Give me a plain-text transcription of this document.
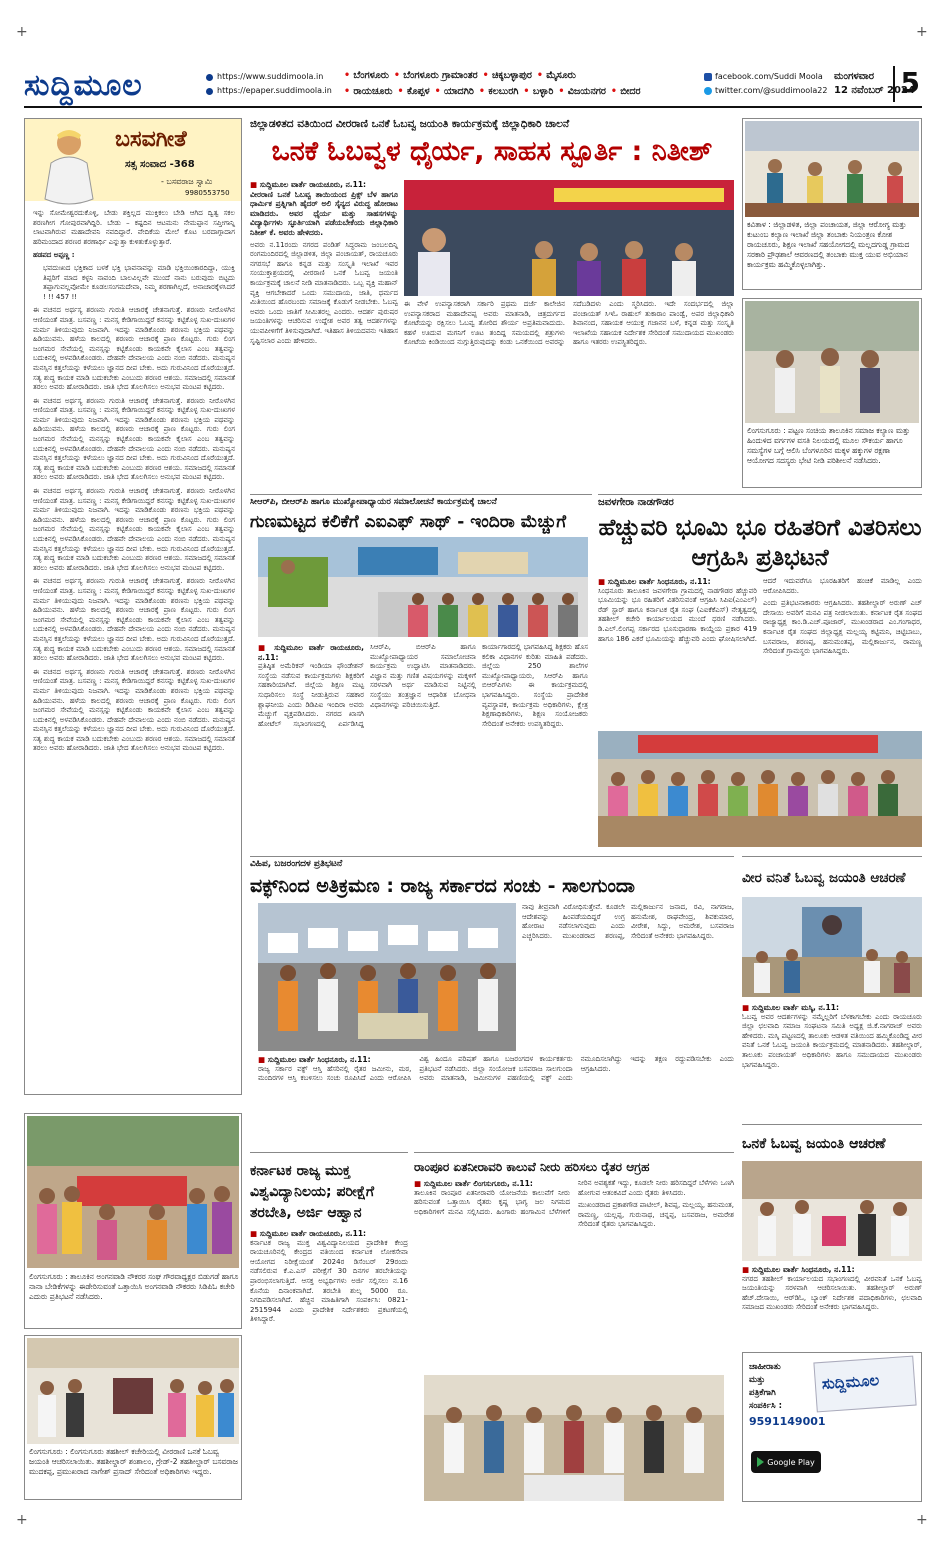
+	+
+	+
ಸುದ್ದಿಮೂಲ	https://www.suddimoola.in
https://epaper.suddimoola.in
• ಬೆಂಗಳೂರು	• ಬೆಂಗಳೂರು ಗ್ರಾಮಾಂತರ	• ಚಿಕ್ಕಬಳ್ಳಾಪುರ	• ಮೈಸೂರು
• ರಾಯಚೂರು	• ಕೊಪ್ಪಳ	• ಯಾದಗಿರಿ	• ಕಲಬುರಗಿ	• ಬಳ್ಳಾರಿ	• ವಿಜಯನಗರ	• ಬೀದರ
facebook.com/Suddi Moola
twitter.com/@suddimoola22
ಮಂಗಳವಾರ
12 ನವೆಂಬರ್ 2024
5
ಬಸವಗೀತೆ
ಸತ್ಸ ಸಂವಾದ -368
- ಬಸವರಾಜ ಸ್ವಾಮಿ
9980553750

ಇನ್ನು ಸೋಮೇಶ್ವರದುಕೊಳ್ಳಿ, ಬೇಡು ಶಕ್ತಿಲ್ಲದ ಮುಕ್ತಿಕಲು ಬೇಡಿ ಆಗಿದ ದ್ವಿತ್ವ ಸಕಲ ಶರಣಗೀಗ ಗೋಪುರವಾಗಿದ್ದಿರಿ. ಬೇಡು – ಕಷ್ಟದಿನ ಆಟಮನು ನೇಮಪ್ಪಾನ ಸಪ್ತೀಗಾನ್ನಿ ಲಾಟವಾಗಿರುವ ಮಹಾದೇವನಿ ನವದಿದ್ದಾರೆ. ವೇದಿಕೆಯ ಮೇಲೆ ಕೊಟ ಬರದಾಗ್ಗಾದಾಗ ಹರಿಮಂದಾದ ಶರಣರ ಶರಣಾರ್ಥಿ ಎನ್ನುತ್ತಾ ಕುಳಿತುಕೊಳ್ಳುತ್ತಾರೆ.

ಹಡಪದ ಅಪ್ಪಣ್ಣ :

ಭವದುಃಖದ ಭಕ್ತಿಕಾದ ಬಳಕೆ ಭಕ್ತಿ ಭಾವನಾವನ್ನು ಮಾಡಿ ಭಕ್ತಿಯಿಂಕಾರದಿದ್ದಾ, ಯುಕ್ತಿ ತಿಪ್ಪರಿಗೆ ಮಾದ ಕಳ್ಳನಿ ನಾವಂದಿ ಬಾಲವಿಲ್ಲವೇ ಮುಂದೆ ನಾನು ಬರುವುದು ಬಿಟ್ಟದು ತಪ್ಪಾಗುವಲ್ಲವೋಮೇ ಕೂಡಲಸಂಗಮದೇವಾ, ನಿಮ್ಮ ಶರಣಾಗಿಲ್ಲದೆ, ಅನಾಚಾರಕ್ಕೆಳಸಿದರೆ ! !! 457 !!

ಈ ವಚನದ ಅರ್ಥಸ್ಯ ಶರಣನು ಗುರುತಿ ಆಚಾರಕ್ಕೆ ಚೇತನಾಗುತ್ತೆ. ಶರಣರು ನೀರೊಳಗಿನ ಆಣಿಯಂತೆ ಮಾತ್ರ. ಬಸವಣ್ಣ : ಮನಸ್ಸ ಕೇಡಿಗಾಯಿದ್ದರೆ ಕನಸನ್ನು ಕಟ್ಟಿಕೊಳ್ಳ ಸುಖ-ದುಃಖಗಳ ಮರ್ಮ ತಿಳಿಯುವುದು ನಿಜವಾಗಿ. ಇದನ್ನು ಮಾಡಿಕೊಂಡು ಶರಣನು ಭಕ್ತಿಯ ಪಥವನ್ನು ಹಿಡಿಯುವನು. ಹಳೆಯ ಕಾಲದಲ್ಲಿ ಶರಣರು ಆಚಾರಕ್ಕೆ ಪ್ರಾಣ ಕೊಟ್ಟರು. ಗುರು ಲಿಂಗ ಜಂಗಮರ ಸೇವೆಯಲ್ಲಿ ಮನಸ್ಸನ್ನು ಕಟ್ಟಿಕೊಂಡು ಕಾಯಕವೇ ಕೈಲಾಸ ಎಂಬ ತತ್ವವನ್ನು ಬದುಕಿನಲ್ಲಿ ಅಳವಡಿಸಿಕೊಂಡರು. ದೇಹವೇ ದೇವಾಲಯ ಎಂದು ನಂಬಿ ನಡೆದರು. ಮನುಷ್ಯನ ಮನಸ್ಸಿನ ಕತ್ತಲೆಯನ್ನು ಕಳೆಯಲು ಜ್ಞಾನದ ದೀಪ ಬೇಕು. ಅದು ಗುರುವಿನಿಂದ ದೊರೆಯುತ್ತದೆ. ಸತ್ಯ ಶುದ್ಧ ಕಾಯಕ ಮಾಡಿ ಬದುಕಬೇಕು ಎಂಬುದು ಶರಣರ ಆಶಯ. ಸಮಾಜದಲ್ಲಿ ಸಮಾನತೆ ತರಲು ಅವರು ಹೋರಾಡಿದರು. ಜಾತಿ ಭೇದ ತೊಲಗಿಸಲು ಅನುಭವ ಮಂಟಪ ಕಟ್ಟಿದರು.

ಈ ವಚನದ ಅರ್ಥಸ್ಯ ಶರಣನು ಗುರುತಿ ಆಚಾರಕ್ಕೆ ಚೇತನಾಗುತ್ತೆ. ಶರಣರು ನೀರೊಳಗಿನ ಆಣಿಯಂತೆ ಮಾತ್ರ. ಬಸವಣ್ಣ : ಮನಸ್ಸ ಕೇಡಿಗಾಯಿದ್ದರೆ ಕನಸನ್ನು ಕಟ್ಟಿಕೊಳ್ಳ ಸುಖ-ದುಃಖಗಳ ಮರ್ಮ ತಿಳಿಯುವುದು ನಿಜವಾಗಿ. ಇದನ್ನು ಮಾಡಿಕೊಂಡು ಶರಣನು ಭಕ್ತಿಯ ಪಥವನ್ನು ಹಿಡಿಯುವನು. ಹಳೆಯ ಕಾಲದಲ್ಲಿ ಶರಣರು ಆಚಾರಕ್ಕೆ ಪ್ರಾಣ ಕೊಟ್ಟರು. ಗುರು ಲಿಂಗ ಜಂಗಮರ ಸೇವೆಯಲ್ಲಿ ಮನಸ್ಸನ್ನು ಕಟ್ಟಿಕೊಂಡು ಕಾಯಕವೇ ಕೈಲಾಸ ಎಂಬ ತತ್ವವನ್ನು ಬದುಕಿನಲ್ಲಿ ಅಳವಡಿಸಿಕೊಂಡರು. ದೇಹವೇ ದೇವಾಲಯ ಎಂದು ನಂಬಿ ನಡೆದರು. ಮನುಷ್ಯನ ಮನಸ್ಸಿನ ಕತ್ತಲೆಯನ್ನು ಕಳೆಯಲು ಜ್ಞಾನದ ದೀಪ ಬೇಕು. ಅದು ಗುರುವಿನಿಂದ ದೊರೆಯುತ್ತದೆ. ಸತ್ಯ ಶುದ್ಧ ಕಾಯಕ ಮಾಡಿ ಬದುಕಬೇಕು ಎಂಬುದು ಶರಣರ ಆಶಯ. ಸಮಾಜದಲ್ಲಿ ಸಮಾನತೆ ತರಲು ಅವರು ಹೋರಾಡಿದರು. ಜಾತಿ ಭೇದ ತೊಲಗಿಸಲು ಅನುಭವ ಮಂಟಪ ಕಟ್ಟಿದರು.

ಈ ವಚನದ ಅರ್ಥಸ್ಯ ಶರಣನು ಗುರುತಿ ಆಚಾರಕ್ಕೆ ಚೇತನಾಗುತ್ತೆ. ಶರಣರು ನೀರೊಳಗಿನ ಆಣಿಯಂತೆ ಮಾತ್ರ. ಬಸವಣ್ಣ : ಮನಸ್ಸ ಕೇಡಿಗಾಯಿದ್ದರೆ ಕನಸನ್ನು ಕಟ್ಟಿಕೊಳ್ಳ ಸುಖ-ದುಃಖಗಳ ಮರ್ಮ ತಿಳಿಯುವುದು ನಿಜವಾಗಿ. ಇದನ್ನು ಮಾಡಿಕೊಂಡು ಶರಣನು ಭಕ್ತಿಯ ಪಥವನ್ನು ಹಿಡಿಯುವನು. ಹಳೆಯ ಕಾಲದಲ್ಲಿ ಶರಣರು ಆಚಾರಕ್ಕೆ ಪ್ರಾಣ ಕೊಟ್ಟರು. ಗುರು ಲಿಂಗ ಜಂಗಮರ ಸೇವೆಯಲ್ಲಿ ಮನಸ್ಸನ್ನು ಕಟ್ಟಿಕೊಂಡು ಕಾಯಕವೇ ಕೈಲಾಸ ಎಂಬ ತತ್ವವನ್ನು ಬದುಕಿನಲ್ಲಿ ಅಳವಡಿಸಿಕೊಂಡರು. ದೇಹವೇ ದೇವಾಲಯ ಎಂದು ನಂಬಿ ನಡೆದರು. ಮನುಷ್ಯನ ಮನಸ್ಸಿನ ಕತ್ತಲೆಯನ್ನು ಕಳೆಯಲು ಜ್ಞಾನದ ದೀಪ ಬೇಕು. ಅದು ಗುರುವಿನಿಂದ ದೊರೆಯುತ್ತದೆ. ಸತ್ಯ ಶುದ್ಧ ಕಾಯಕ ಮಾಡಿ ಬದುಕಬೇಕು ಎಂಬುದು ಶರಣರ ಆಶಯ. ಸಮಾಜದಲ್ಲಿ ಸಮಾನತೆ ತರಲು ಅವರು ಹೋರಾಡಿದರು. ಜಾತಿ ಭೇದ ತೊಲಗಿಸಲು ಅನುಭವ ಮಂಟಪ ಕಟ್ಟಿದರು.

ಈ ವಚನದ ಅರ್ಥಸ್ಯ ಶರಣನು ಗುರುತಿ ಆಚಾರಕ್ಕೆ ಚೇತನಾಗುತ್ತೆ. ಶರಣರು ನೀರೊಳಗಿನ ಆಣಿಯಂತೆ ಮಾತ್ರ. ಬಸವಣ್ಣ : ಮನಸ್ಸ ಕೇಡಿಗಾಯಿದ್ದರೆ ಕನಸನ್ನು ಕಟ್ಟಿಕೊಳ್ಳ ಸುಖ-ದುಃಖಗಳ ಮರ್ಮ ತಿಳಿಯುವುದು ನಿಜವಾಗಿ. ಇದನ್ನು ಮಾಡಿಕೊಂಡು ಶರಣನು ಭಕ್ತಿಯ ಪಥವನ್ನು ಹಿಡಿಯುವನು. ಹಳೆಯ ಕಾಲದಲ್ಲಿ ಶರಣರು ಆಚಾರಕ್ಕೆ ಪ್ರಾಣ ಕೊಟ್ಟರು. ಗುರು ಲಿಂಗ ಜಂಗಮರ ಸೇವೆಯಲ್ಲಿ ಮನಸ್ಸನ್ನು ಕಟ್ಟಿಕೊಂಡು ಕಾಯಕವೇ ಕೈಲಾಸ ಎಂಬ ತತ್ವವನ್ನು ಬದುಕಿನಲ್ಲಿ ಅಳವಡಿಸಿಕೊಂಡರು. ದೇಹವೇ ದೇವಾಲಯ ಎಂದು ನಂಬಿ ನಡೆದರು. ಮನುಷ್ಯನ ಮನಸ್ಸಿನ ಕತ್ತಲೆಯನ್ನು ಕಳೆಯಲು ಜ್ಞಾನದ ದೀಪ ಬೇಕು. ಅದು ಗುರುವಿನಿಂದ ದೊರೆಯುತ್ತದೆ. ಸತ್ಯ ಶುದ್ಧ ಕಾಯಕ ಮಾಡಿ ಬದುಕಬೇಕು ಎಂಬುದು ಶರಣರ ಆಶಯ. ಸಮಾಜದಲ್ಲಿ ಸಮಾನತೆ ತರಲು ಅವರು ಹೋರಾಡಿದರು. ಜಾತಿ ಭೇದ ತೊಲಗಿಸಲು ಅನುಭವ ಮಂಟಪ ಕಟ್ಟಿದರು.

ಈ ವಚನದ ಅರ್ಥಸ್ಯ ಶರಣನು ಗುರುತಿ ಆಚಾರಕ್ಕೆ ಚೇತನಾಗುತ್ತೆ. ಶರಣರು ನೀರೊಳಗಿನ ಆಣಿಯಂತೆ ಮಾತ್ರ. ಬಸವಣ್ಣ : ಮನಸ್ಸ ಕೇಡಿಗಾಯಿದ್ದರೆ ಕನಸನ್ನು ಕಟ್ಟಿಕೊಳ್ಳ ಸುಖ-ದುಃಖಗಳ ಮರ್ಮ ತಿಳಿಯುವುದು ನಿಜವಾಗಿ. ಇದನ್ನು ಮಾಡಿಕೊಂಡು ಶರಣನು ಭಕ್ತಿಯ ಪಥವನ್ನು ಹಿಡಿಯುವನು. ಹಳೆಯ ಕಾಲದಲ್ಲಿ ಶರಣರು ಆಚಾರಕ್ಕೆ ಪ್ರಾಣ ಕೊಟ್ಟರು. ಗುರು ಲಿಂಗ ಜಂಗಮರ ಸೇವೆಯಲ್ಲಿ ಮನಸ್ಸನ್ನು ಕಟ್ಟಿಕೊಂಡು ಕಾಯಕವೇ ಕೈಲಾಸ ಎಂಬ ತತ್ವವನ್ನು ಬದುಕಿನಲ್ಲಿ ಅಳವಡಿಸಿಕೊಂಡರು. ದೇಹವೇ ದೇವಾಲಯ ಎಂದು ನಂಬಿ ನಡೆದರು. ಮನುಷ್ಯನ ಮನಸ್ಸಿನ ಕತ್ತಲೆಯನ್ನು ಕಳೆಯಲು ಜ್ಞಾನದ ದೀಪ ಬೇಕು. ಅದು ಗುರುವಿನಿಂದ ದೊರೆಯುತ್ತದೆ. ಸತ್ಯ ಶುದ್ಧ ಕಾಯಕ ಮಾಡಿ ಬದುಕಬೇಕು ಎಂಬುದು ಶರಣರ ಆಶಯ. ಸಮಾಜದಲ್ಲಿ ಸಮಾನತೆ ತರಲು ಅವರು ಹೋರಾಡಿದರು. ಜಾತಿ ಭೇದ ತೊಲಗಿಸಲು ಅನುಭವ ಮಂಟಪ ಕಟ್ಟಿದರು.

ಜಿಲ್ಲಾಡಳಿತದ ವತಿಯಿಂದ ವೀರರಾಣಿ ಒನಕೆ ಓಬವ್ವ ಜಯಂತಿ ಕಾರ್ಯಕ್ರಮಕ್ಕೆ ಜಿಲ್ಲಾಧಿಕಾರಿ ಚಾಲನೆ
ಒನಕೆ ಓಬವ್ವಳ ಧೈರ್ಯ, ಸಾಹಸ ಸ್ಪೂರ್ತಿ : ನಿತೀಶ್
■ ಸುದ್ದಿಮೂಲ ವಾರ್ತೆ ರಾಯಚೂರು, ನ.11:

ವೀರರಾಣಿ ಒನಕೆ ಓಬವ್ವ ತಾಯಿಯಂದ ಪ್ರಿಕ್ಸ್ ಬೆಳ ಹಾಗೂ ಧಾರ್ಮಿಕ ಪ್ರತ್ನಿಗಾಗಿ ಹೈದರ್ ಅಲಿ ಸೈನ್ಯದ ವಿರುದ್ಧ ಹೋರಾಟ ಮಾಡಿದರು. ಅವರ ಧೈರ್ಯ ಮತ್ತು ಸಾಹಸಗಳನ್ನು ವಿದ್ಯಾರ್ಥಿಗಳು ಸ್ಫೂರ್ತಿಯಾಗಿ ಪಡೆಯಬೇಕೆಂದು ಜಿಲ್ಲಾಧಿಕಾರಿ ನಿತೀಶ್ ಕೆ. ಅವರು ಹೇಳಿದರು.

ಅವರು ನ.11ರಂದು ನಗರದ ಪಂಡಿತ್ ಸಿದ್ಧರಾಮ ಜಂಬಲದಿನ್ನಿ ರಂಗಮಂದಿರದಲ್ಲಿ ಜಿಲ್ಲಾಡಳಿತ, ಜಿಲ್ಲಾ ಪಂಚಾಯತ್, ರಾಯಚೂರು ನಗರಸಭೆ ಹಾಗೂ ಕನ್ನಡ ಮತ್ತು ಸಂಸ್ಕೃತಿ ಇಲಾಖೆ ಇವರ ಸಂಯುಕ್ತಾಶ್ರಯದಲ್ಲಿ ವೀರರಾಣಿ ಒನಕೆ ಓಬವ್ವ ಜಯಂತಿ ಕಾರ್ಯಕ್ರಮಕ್ಕೆ ಚಾಲನೆ ನೀಡಿ ಮಾತನಾಡಿದರು. ಒಬ್ಬ ವ್ಯಕ್ತಿ ಮಹಾನ್ ವ್ಯಕ್ತಿ ಆಗಬೇಕಾದರೆ ಒಂದು ಸಮುದಾಯ, ಜಾತಿ, ಧರ್ಮದ ಮಿತಿಯಿಂದ ಹೊರಬಂದು ಸಮಾಜಕ್ಕೆ ಕೊಡುಗೆ ನೀಡಬೇಕು. ಓಬವ್ವ ಅವರು ಒಂದು ಜಾತಿಗೆ ಸೀಮಿತರಲ್ಲ ಎಂದರು. ಆದರ್ಶ ಪುರುಷರ ಜಯಂತಿಗಳನ್ನು ಆಚರಿಸುವ ಉದ್ದೇಶ ಅವರ ತತ್ವ ಆದರ್ಶಗಳನ್ನು ಯುವಪೀಳಿಗೆಗೆ ತಿಳಿಸುವುದಾಗಿದೆ. ಇತಿಹಾಸ ತಿಳಿಯದವನು ಇತಿಹಾಸ ಸೃಷ್ಟಿಸಲಾರ ಎಂದು ಹೇಳಿದರು.

ಈ ವೇಳೆ ಉಪನ್ಯಾಸಕರಾಗಿ ಸರ್ಕಾರಿ ಪ್ರಥಮ ದರ್ಜೆ ಕಾಲೇಜಿನ ಉಪನ್ಯಾಸಕರಾದ ಮಹಾದೇವಪ್ಪ ಅವರು ಮಾತನಾಡಿ, ಚಿತ್ರದುರ್ಗದ ಕೋಟೆಯನ್ನು ರಕ್ಷಿಸಲು ಓಬವ್ವ ತೋರಿದ ಶೌರ್ಯ ಅಪ್ರತಿಮವಾದುದು. ಕಹಳೆ ಊದುವ ಮಗನಿಗೆ ಊಟ ತಂದಿದ್ದ ಸಮಯದಲ್ಲಿ ಶತ್ರುಗಳು ಕೋಟೆಯ ಕಿಂಡಿಯಿಂದ ನುಗ್ಗುತ್ತಿರುವುದನ್ನು ಕಂಡು ಒನಕೆಯಿಂದ ಅವರನ್ನು ಸದೆಬಡಿದಳು ಎಂದು ಸ್ಮರಿಸಿದರು. ಇದೇ ಸಂದರ್ಭದಲ್ಲಿ ಜಿಲ್ಲಾ ಪಂಚಾಯತ್ ಸಿಇಓ ರಾಹುಲ್ ತುಕಾರಾಂ ಪಾಂಡ್ವೆ, ಅಪರ ಜಿಲ್ಲಾಧಿಕಾರಿ ಶಿವಾನಂದ, ಸಹಾಯಕ ಆಯುಕ್ತ ಗಜಾನನ ಬಳೆ, ಕನ್ನಡ ಮತ್ತು ಸಂಸ್ಕೃತಿ ಇಲಾಖೆಯ ಸಹಾಯಕ ನಿರ್ದೇಶಕ ಸೇರಿದಂತೆ ಸಮುದಾಯದ ಮುಖಂಡರು ಹಾಗೂ ಇತರರು ಉಪಸ್ಥಿತರಿದ್ದರು.

ಕವಿತಾಳ : ಜಿಲ್ಲಾಡಳಿತ, ಜಿಲ್ಲಾ ಪಂಚಾಯತ, ಜಿಲ್ಲಾ ಆರೋಗ್ಯ ಮತ್ತು ಕುಟುಂಬ ಕಲ್ಯಾಣ ಇಲಾಖೆ ಜಿಲ್ಲಾ ತಂಬಾಕು ನಿಯಂತ್ರಣ ಕೋಶ ರಾಯಚೂರು, ಶಿಕ್ಷಣ ಇಲಾಖೆ ಸಹಯೋಗದಲ್ಲಿ ಮಲ್ಲದಗುಡ್ಡ ಗ್ರಾಮದ ಸರಕಾರಿ ಪ್ರೌಢಶಾಲೆ ಆವರಣದಲ್ಲಿ ತಂಬಾಕು ಮುಕ್ತ ಯುವ ಅಭಿಯಾನ ಕಾರ್ಯಕ್ರಮ ಹಮ್ಮಿಕೊಳ್ಳಲಾಗಿತ್ತು.
ಲಿಂಗಸುಗೂರು : ಪಟ್ಟಣ ಸಂಚಿಯ ತಾಲೂಕಿನ ಸಮಾಜ ಕಲ್ಯಾಣ ಮತ್ತು ಹಿಂದುಳಿದ ವರ್ಗಗಳ ವಸತಿ ನಿಲಯದಲ್ಲಿ ಮೂಲ ಸೌಕರ್ಯ ಹಾಗೂ ಸಮಸ್ಯೆಗಳ ಬಗ್ಗೆ ಆಲಿಸಿ ಬೆಂಗಳೂರಿನ ಮಕ್ಕಳ ಹಕ್ಕುಗಳ ರಕ್ಷಣಾ ಆಯೋಗದ ಸದಸ್ಯರು ಭೇಟಿ ನೀಡಿ ಪರಿಶೀಲನೆ ನಡೆಸಿದರು.
ಸೀಆರ್‌ಪಿ, ಬೀಆರ್‌ಪಿ ಹಾಗೂ ಮುಖ್ಯೋಪಾಧ್ಯಾಯರ ಸಮಾಲೋಚನೆ ಕಾರ್ಯಕ್ರಮಕ್ಕೆ ಚಾಲನೆ
ಗುಣಮಟ್ಟದ ಕಲಿಕೆಗೆ ಎಐಎಫ್ ಸಾಥ್ - ಇಂದಿರಾ ಮೆಚ್ಚುಗೆ
■ ಸುದ್ದಿಮೂಲ ವಾರ್ತೆ ರಾಯಚೂರು, ನ.11:

ಪ್ರತಿಷ್ಠಿತ ಅಮೆರಿಕನ್ ಇಂಡಿಯಾ ಫೌಂಡೇಶನ್ ಸಂಸ್ಥೆಯ ನಡೆಸುವ ಕಾರ್ಯಕ್ರಮಗಳು ಶಿಕ್ಷಕರಿಗೆ ಸಹಕಾರಿಯಾಗಿವೆ. ಜಿಲ್ಲೆಯ ಶಿಕ್ಷಣ ಮಟ್ಟ ಸುಧಾರಿಸಲು ಸಂಸ್ಥೆ ನೀಡುತ್ತಿರುವ ಸಹಕಾರ ಶ್ಲಾಘನೀಯ ಎಂದು ಡಿಡಿಪಿಐ ಇಂದಿರಾ ಅವರು ಮೆಚ್ಚುಗೆ ವ್ಯಕ್ತಪಡಿಸಿದರು. ನಗರದ ಖಾಸಗಿ ಹೋಟೆಲ್ ಸಭಾಂಗಣದಲ್ಲಿ ಏರ್ಪಡಿಸಿದ್ದ ಸಿಆರ್‌ಪಿ, ಬಿಆರ್‌ಪಿ ಹಾಗೂ ಮುಖ್ಯೋಪಾಧ್ಯಾಯರ ಸಮಾಲೋಚನಾ ಕಾರ್ಯಕ್ರಮ ಉದ್ಘಾಟಿಸಿ ಮಾತನಾಡಿದರು. ವಿಜ್ಞಾನ ಮತ್ತು ಗಣಿತ ವಿಷಯಗಳನ್ನು ಮಕ್ಕಳಿಗೆ ಸರಳವಾಗಿ ಅರ್ಥ ಮಾಡಿಸುವ ನಿಟ್ಟಿನಲ್ಲಿ ಸಂಸ್ಥೆಯು ತಂತ್ರಜ್ಞಾನ ಆಧಾರಿತ ಬೋಧನಾ ವಿಧಾನಗಳನ್ನು ಪರಿಚಯಿಸುತ್ತಿದೆ.

ಕಾರ್ಯಾಗಾರದಲ್ಲಿ ಭಾಗವಹಿಸಿದ್ದ ಶಿಕ್ಷಕರು ಹೊಸ ಕಲಿಕಾ ವಿಧಾನಗಳ ಕುರಿತು ಮಾಹಿತಿ ಪಡೆದರು. ಜಿಲ್ಲೆಯ 250 ಶಾಲೆಗಳ ಮುಖ್ಯೋಪಾಧ್ಯಾಯರು, ಸಿಆರ್‌ಪಿ ಹಾಗೂ ಬಿಆರ್‌ಪಿಗಳು ಈ ಕಾರ್ಯಕ್ರಮದಲ್ಲಿ ಭಾಗವಹಿಸಿದ್ದರು. ಸಂಸ್ಥೆಯ ಪ್ರಾದೇಶಿಕ ವ್ಯವಸ್ಥಾಪಕ, ಕಾರ್ಯಕ್ರಮ ಅಧಿಕಾರಿಗಳು, ಕ್ಷೇತ್ರ ಶಿಕ್ಷಣಾಧಿಕಾರಿಗಳು, ಶಿಕ್ಷಣ ಸಂಯೋಜಕರು ಸೇರಿದಂತೆ ಅನೇಕರು ಉಪಸ್ಥಿತರಿದ್ದರು.

ಜವಳಗೇರಾ ನಾಡಗೌಡರ
ಹೆಚ್ಚುವರಿ ಭೂಮಿ ಭೂ ರಹಿತರಿಗೆ ವಿತರಿಸಲು ಆಗ್ರಹಿಸಿ ಪ್ರತಿಭಟನೆ
■ ಸುದ್ದಿಮೂಲ ವಾರ್ತೆ ಸಿಂಧನೂರು, ನ.11:

ಸಿಂಧನೂರು ತಾಲೂಕಿನ ಜವಳಗೇರಾ ಗ್ರಾಮದಲ್ಲಿ ನಾಡಗೌಡರ ಹೆಚ್ಚುವರಿ ಭೂಮಿಯನ್ನು ಭೂ ರಹಿತರಿಗೆ ವಿತರಿಸುವಂತೆ ಆಗ್ರಹಿಸಿ ಸಿಪಿಐ(ಎಂಎಲ್) ರೆಡ್ ಸ್ಟಾರ್ ಹಾಗೂ ಕರ್ನಾಟಕ ರೈತ ಸಂಘ (ಎಐಕೆಕೆಎಸ್) ನೇತೃತ್ವದಲ್ಲಿ ತಹಶೀಲ್ ಕಚೇರಿ ಕಾರ್ಯಾಲಯದ ಮುಂದೆ ಧರಣಿ ನಡೆಸಿದರು. ಡಿ.ಎಲ್.ಲಿಂಗಪ್ಪ ಸರ್ಕಾರದ ಭೂಸುಧಾರಣಾ ಕಾಯ್ದೆಯ ಪ್ರಕಾರ 419 ಹಾಗೂ 186 ಎಕರೆ ಭೂಮಿಯನ್ನು ಹೆಚ್ಚುವರಿ ಎಂದು ಘೋಷಿಸಲಾಗಿದೆ. ಆದರೆ ಇದುವರೆಗೂ ಭೂರಹಿತರಿಗೆ ಹಂಚಿಕೆ ಮಾಡಿಲ್ಲ ಎಂದು ಆರೋಪಿಸಿದರು.

ಎಂದು ಪ್ರತಿಭಟನಾಕಾರರು ಆಗ್ರಹಿಸಿದರು. ತಹಶೀಲ್ದಾರ್ ಅರುಣ್ ಎಚ್ ದೇಸಾಯಿ ಅವರಿಗೆ ಮನವಿ ಪತ್ರ ನೀಡಲಾಯಿತು. ಕರ್ನಾಟಕ ರೈತ ಸಂಘದ ರಾಜ್ಯಾಧ್ಯಕ್ಷ ಕಾಂ.ಡಿ.ಎಚ್.ಪೂಜಾರ್, ಮುಖಂಡರಾದ ಎಂ.ಗಂಗಾಧರ, ಕರ್ನಾಟಕ ರೈತ ಸಂಘದ ಜಿಲ್ಲಾಧ್ಯಕ್ಷ ಮಲ್ಲಯ್ಯ ಕಟ್ಟಿಮನಿ, ಚಿಟ್ಟಿಬಾಬು, ಬಸವರಾಜ, ಶರಣಪ್ಪ, ಹನುಮಂತಪ್ಪ, ಮಲ್ಲಿಕಾರ್ಜುನ, ರಾಮಣ್ಣ ಸೇರಿದಂತೆ ಗ್ರಾಮಸ್ಥರು ಭಾಗವಹಿಸಿದ್ದರು.

ವಿಹಿಪ, ಬಜರಂಗದಳ ಪ್ರತಿಭಟನೆ
ವಕ್ಫ್‌ನಿಂದ ಅತಿಕ್ರಮಣ : ರಾಜ್ಯ ಸರ್ಕಾರದ ಸಂಚು - ಸಾಲಗುಂದಾ

ನಾವು ತೀವ್ರವಾಗಿ ವಿರೋಧಿಸುತ್ತೇವೆ. ಕೂಡಲೇ ಆದೇಶವನ್ನು ಹಿಂಪಡೆಯದಿದ್ದರೆ ಉಗ್ರ ಹೋರಾಟ ನಡೆಸಲಾಗುವುದು ಎಂದು ಎಚ್ಚರಿಸಿದರು. ಮುಖಂಡರಾದ ಶರಣಪ್ಪ, ಮಲ್ಲಿಕಾರ್ಜುನ ಜನಾದ, ರವಿ, ನಾಗರಾಜ, ಹನುಮೇಶ, ರಾಘವೇಂದ್ರ, ಶಿವಕುಮಾರ, ವೀರೇಶ, ಸಿದ್ದು, ಅಮರೇಶ, ಬಸವರಾಜ ಸೇರಿದಂತೆ ಅನೇಕರು ಭಾಗವಹಿಸಿದ್ದರು.

■ ಸುದ್ದಿಮೂಲ ವಾರ್ತೆ ಸಿಂಧನೂರು, ನ.11:

ರಾಜ್ಯ ಸರ್ಕಾರ ವಕ್ಫ್ ಆಸ್ತಿ ಹೆಸರಿನಲ್ಲಿ ರೈತರ ಜಮೀನು, ಮಠ, ಮಂದಿರಗಳ ಆಸ್ತಿ ಕಬಳಿಸಲು ಸಂಚು ರೂಪಿಸಿದೆ ಎಂದು ಆರೋಪಿಸಿ ವಿಶ್ವ ಹಿಂದೂ ಪರಿಷತ್ ಹಾಗೂ ಬಜರಂಗದಳ ಕಾರ್ಯಕರ್ತರು ಪ್ರತಿಭಟನೆ ನಡೆಸಿದರು. ಜಿಲ್ಲಾ ಸಂಯೋಜಕ ಬಸವರಾಜ ಸಾಲಗುಂದಾ ಅವರು ಮಾತನಾಡಿ, ಜಮೀನುಗಳ ಪಹಣಿಯಲ್ಲಿ ವಕ್ಫ್ ಎಂದು ನಮೂದಿಸಲಾಗಿದ್ದು ಇದನ್ನು ತಕ್ಷಣ ರದ್ದುಪಡಿಸಬೇಕು ಎಂದು ಆಗ್ರಹಿಸಿದರು.

ವೀರ ವನಿತೆ ಓಬವ್ವ ಜಯಂತಿ ಆಚರಣೆ
■ ಸುದ್ದಿಮೂಲ ವಾರ್ತೆ ಮಸ್ಕಿ, ನ.11:

ಓಬವ್ವ ಅವರ ಆದರ್ಶಗಳನ್ನು ನಮ್ಮೆಲ್ಲರಿಗೆ ಬೆಳಕಾಗಬೇಕು ಎಂದು ರಾಯಚೂರು ಜಿಲ್ಲಾ ಛಲವಾದಿ ಸಮಾಜ ಸಂಘಟನಾ ಸಮಿತಿ ಅಧ್ಯಕ್ಷ ಜಿ.ಕೆ.ನಾಗರಾಜ್ ಅವರು ಹೇಳಿದರು. ಮಸ್ಕಿ ಪಟ್ಟಣದಲ್ಲಿ ತಾಲೂಕು ಆಡಳಿತ ವತಿಯಿಂದ ಹಮ್ಮಿಕೊಂಡಿದ್ದ ವೀರ ವನಿತೆ ಒನಕೆ ಓಬವ್ವ ಜಯಂತಿ ಕಾರ್ಯಕ್ರಮದಲ್ಲಿ ಮಾತನಾಡಿದರು. ತಹಶೀಲ್ದಾರ್, ತಾಲೂಕು ಪಂಚಾಯತ್ ಅಧಿಕಾರಿಗಳು ಹಾಗೂ ಸಮುದಾಯದ ಮುಖಂಡರು ಭಾಗವಹಿಸಿದ್ದರು.

ಒನಕೆ ಓಬವ್ವ ಜಯಂತಿ ಆಚರಣೆ
■ ಸುದ್ದಿಮೂಲ ವಾರ್ತೆ ಸಿಂಧನೂರು, ನ.11:

ನಗರದ ತಹಶೀಲ್ ಕಾರ್ಯಾಲಯದ ಸಭಾಂಗಣದಲ್ಲಿ ವೀರವನಿತೆ ಒನಕೆ ಓಬವ್ವ ಜಯಂತಿಯನ್ನು ಸರಳವಾಗಿ ಆಚರಿಸಲಾಯಿತು. ತಹಶೀಲ್ದಾರ್ ಅರುಣ್ ಹೆಚ್.ದೇಸಾಯಿ, ಆರ್‌ಡಿಓ, ಬ್ಯಾಂಕ್ ನಿರ್ದೇಶಕ ಪದಾಧಿಕಾರಿಗಳು, ಛಲವಾದಿ ಸಮಾಜದ ಮುಖಂಡರು ಸೇರಿದಂತೆ ಅನೇಕರು ಭಾಗವಹಿಸಿದ್ದರು.

ಲಿಂಗಸುಗೂರು : ತಾಲೂಕಿನ ಅಂಗನವಾಡಿ ನೌಕರರ ಸಂಘ ಗೌರವಾಧ್ಯಕ್ಷರ ಬಿಡುಗಡೆ ಹಾಗೂ ನಾನಾ ಬೇಡಿಕೆಗಳನ್ನು ಈಡೇರಿಸುವಂತೆ ಒತ್ತಾಯಿಸಿ ಅಂಗನವಾಡಿ ನೌಕರರು ಸಿಡಿಪಿಓ ಕಚೇರಿ ಎದುರು ಪ್ರತಿಭಟನೆ ನಡೆಸಿದರು.
ಲಿಂಗಸುಗೂರು : ಲಿಂಗಸುಗೂರು ತಹಶೀಲ್ ಕಚೇರಿಯಲ್ಲಿ ವೀರರಾಣಿ ಒನಕೆ ಓಬವ್ವ ಜಯಂತಿ ಆಚರಿಸಲಾಯಿತು. ತಹಶೀಲ್ದಾರ್ ಶಂಶಾಲಂ, ಗ್ರೇಡ್-2 ತಹಶೀಲ್ದಾರ್ ಬಸವರಾಜ ಮುದಕಪ್ಪ, ಪ್ರಮುಖರಾದ ನಾಗೇಶ್ ಪ್ರಸಾದ್ ಸೇರಿದಂತೆ ಅಧಿಕಾರಿಗಳು ಇದ್ದರು.
ಕರ್ನಾಟಕ ರಾಜ್ಯ ಮುಕ್ತ ವಿಶ್ವವಿದ್ಯಾನಿಲಯ; ಪರೀಕ್ಷೆಗೆ ತರಬೇತಿ, ಅರ್ಜಿ ಆಹ್ವಾನ
■ ಸುದ್ದಿಮೂಲ ವಾರ್ತೆ ರಾಯಚೂರು, ನ.11:

ಕರ್ನಾಟಕ ರಾಜ್ಯ ಮುಕ್ತ ವಿಶ್ವವಿದ್ಯಾನಿಲಯದ ಪ್ರಾದೇಶಿಕ ಕೇಂದ್ರ ರಾಯಚೂರಿನಲ್ಲಿ ಕೇಂದ್ರದ ವತಿಯಿಂದ ಕರ್ನಾಟಕ ಲೋಕಸೇವಾ ಆಯೋಗದ ನಿರೀಕ್ಷೆಯಂತೆ 2024ರ ಡಿಸೆಂಬರ್ 29ರಂದು ನಡೆಸಲಿರುವ ಕೆ.ಎ.ಎಸ್ ಪರೀಕ್ಷೆಗೆ 30 ದಿನಗಳ ತರಬೇತಿಯನ್ನು ಪ್ರಾರಂಭಿಸಲಾಗುತ್ತಿದೆ. ಆಸಕ್ತ ಅಭ್ಯರ್ಥಿಗಳು ಅರ್ಜಿ ಸಲ್ಲಿಸಲು ನ.16 ಕೊನೆಯ ದಿನಾಂಕವಾಗಿದೆ. ತರಬೇತಿ ಶುಲ್ಕ 5000 ರೂ. ನಿಗದಿಪಡಿಸಲಾಗಿದೆ. ಹೆಚ್ಚಿನ ಮಾಹಿತಿಗಾಗಿ ಸಂಪರ್ಕಿಸಿ: 0821-2515944 ಎಂದು ಪ್ರಾದೇಶಿಕ ನಿರ್ದೇಶಕರು ಪ್ರಕಟಣೆಯಲ್ಲಿ ತಿಳಿಸಿದ್ದಾರೆ.

ರಾಂಪೂರ ಏತನೀರಾವರಿ ಕಾಲುವೆ ನೀರು ಹರಿಸಲು ರೈತರ ಆಗ್ರಹ
■ ಸುದ್ದಿಮೂಲ ವಾರ್ತೆ ಲಿಂಗಸುಗೂರು, ನ.11:

ತಾಲೂಕಿನ ರಾಂಪೂರ ಏತನೀರಾವರಿ ಯೋಜನೆಯ ಕಾಲುವೆಗೆ ನೀರು ಹರಿಸುವಂತೆ ಒತ್ತಾಯಿಸಿ ರೈತರು ಕೃಷ್ಣ ಭಾಗ್ಯ ಜಲ ನಿಗಮದ ಅಧಿಕಾರಿಗಳಿಗೆ ಮನವಿ ಸಲ್ಲಿಸಿದರು. ಹಿಂಗಾರು ಹಂಗಾಮಿನ ಬೆಳೆಗಳಿಗೆ ನೀರಿನ ಅವಶ್ಯಕತೆ ಇದ್ದು, ಕೂಡಲೇ ನೀರು ಹರಿಸದಿದ್ದರೆ ಬೆಳೆಗಳು ಒಣಗಿ ಹೋಗುವ ಆತಂಕವಿದೆ ಎಂದು ರೈತರು ತಿಳಿಸಿದರು.

ಮುಖಂಡರಾದ ಪ್ರಕಾಶಗೌಡ ಪಾಟೀಲ್, ಶಿವಪ್ಪ, ಮಲ್ಲಯ್ಯ, ಹನುಮಂತ, ರಾಮಣ್ಣ, ಯಲ್ಲಪ್ಪ, ಗುರುನಾಥ, ಚನ್ನಪ್ಪ, ಬಸವರಾಜ, ಅಮರೇಶ ಸೇರಿದಂತೆ ರೈತರು ಭಾಗವಹಿಸಿದ್ದರು.

ಜಾಹೀರಾತು
ಮತ್ತು
ಪತ್ರಿಕೆಗಾಗಿ
ಸಂಪರ್ಕಿಸಿ :
9591149001
ಸುದ್ದಿಮೂಲ
Google Play
